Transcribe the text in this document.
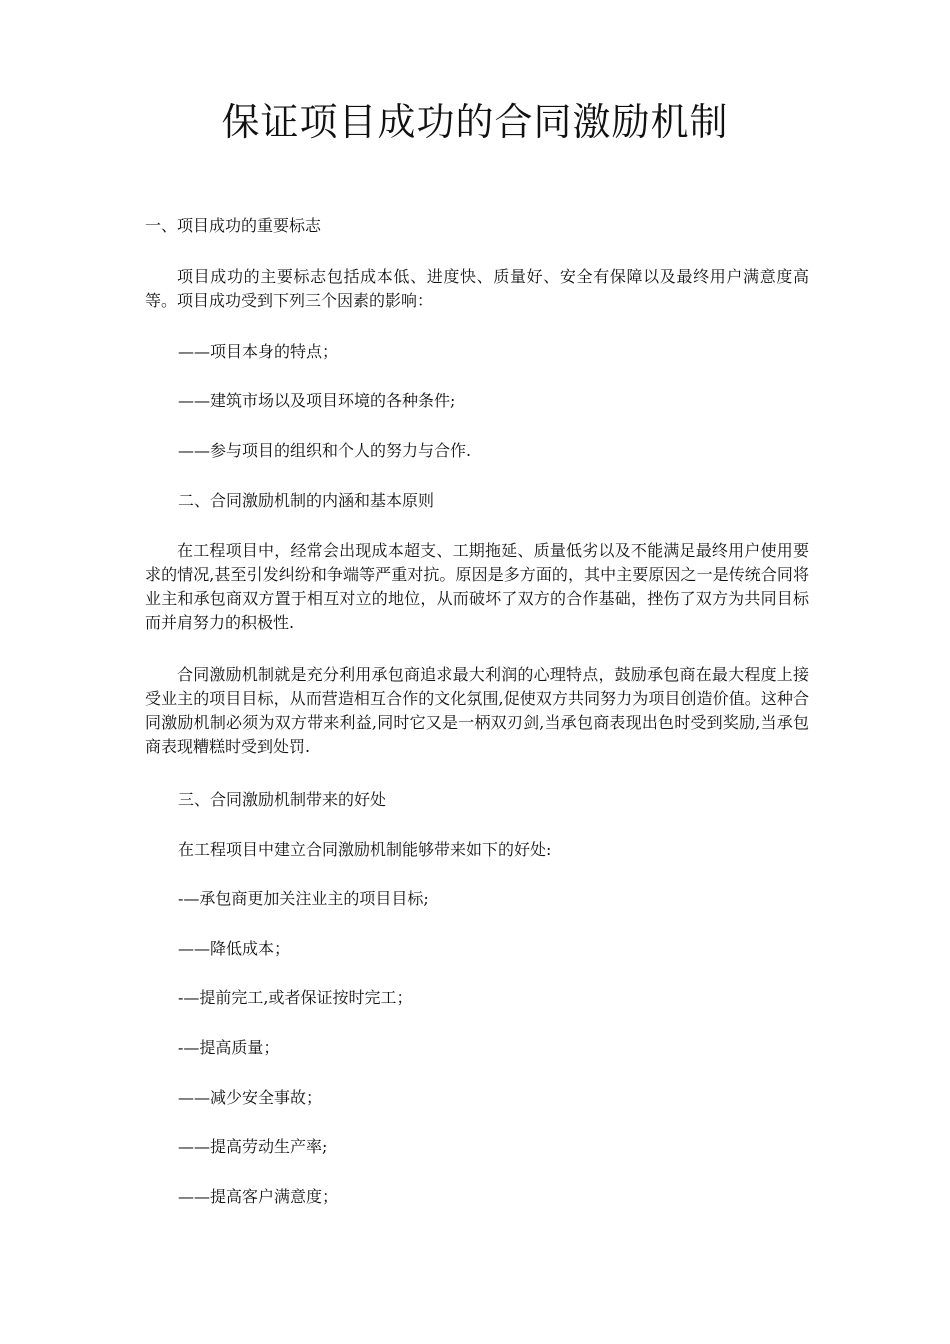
保证项目成功的合同激励机制
一、项目成功的重要标志
项目成功的主要标志包括成本低、进度快、质量好、安全有保障以及最终用户满意度高等。项目成功受到下列三个因素的影响：
——项目本身的特点；
——建筑市场以及项目环境的各种条件;
——参与项目的组织和个人的努力与合作.
二、合同激励机制的内涵和基本原则
在工程项目中，经常会出现成本超支、工期拖延、质量低劣以及不能满足最终用户使用要求的情况,甚至引发纠纷和争端等严重对抗。原因是多方面的，其中主要原因之一是传统合同将业主和承包商双方置于相互对立的地位，从而破坏了双方的合作基础，挫伤了双方为共同目标而并肩努力的积极性.
合同激励机制就是充分利用承包商追求最大利润的心理特点，鼓励承包商在最大程度上接受业主的项目目标，从而营造相互合作的文化氛围,促使双方共同努力为项目创造价值。这种合同激励机制必须为双方带来利益,同时它又是一柄双刃剑,当承包商表现出色时受到奖励,当承包商表现糟糕时受到处罚.
三、合同激励机制带来的好处
在工程项目中建立合同激励机制能够带来如下的好处:
-—承包商更加关注业主的项目目标;
——降低成本；
-—提前完工,或者保证按时完工；
-—提高质量；
——减少安全事故；
——提高劳动生产率;
——提高客户满意度；
